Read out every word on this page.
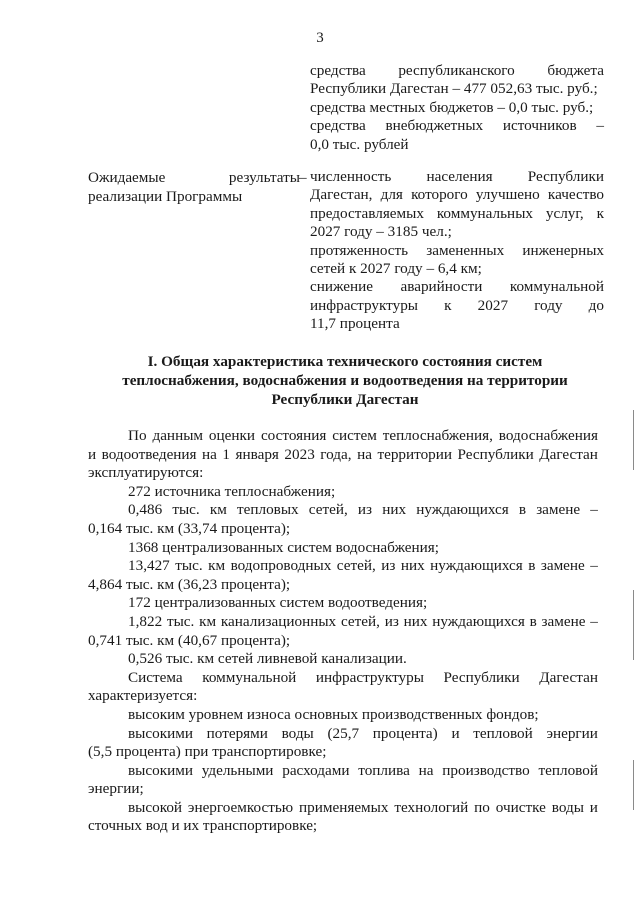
3
средства республиканского бюджета
Республики Дагестан – 477 052,63 тыс. руб.;
средства местных бюджетов – 0,0 тыс. руб.;
средства внебюджетных источников –
0,0 тыс. рублей
Ожидаемые	результаты
реализации Программы
– численность населения Республики
Дагестан, для которого улучшено качество
предоставляемых коммунальных услуг, к
2027 году – 3185 чел.;
протяженность замененных инженерных
сетей к 2027 году – 6,4 км;
снижение аварийности коммунальной
инфраструктуры к 2027 году до
11,7 процента
I. Общая характеристика технического состояния систем
теплоснабжения, водоснабжения и водоотведения на территории
Республики Дагестан
По данным оценки состояния систем теплоснабжения, водоснабжения
и водоотведения на 1 января 2023 года, на территории Республики Дагестан
эксплуатируются:
272 источника теплоснабжения;
0,486 тыс. км тепловых сетей, из них нуждающихся в замене –
0,164 тыс. км (33,74 процента);
1368 централизованных систем водоснабжения;
13,427 тыс. км водопроводных сетей, из них нуждающихся в замене –
4,864 тыс. км (36,23 процента);
172 централизованных систем водоотведения;
1,822 тыс. км канализационных сетей, из них нуждающихся в замене –
0,741 тыс. км (40,67 процента);
0,526 тыс. км сетей ливневой канализации.
Система коммунальной инфраструктуры Республики Дагестан
характеризуется:
высоким уровнем износа основных производственных фондов;
высокими потерями воды (25,7 процента) и тепловой энергии
(5,5 процента) при транспортировке;
высокими удельными расходами топлива на производство тепловой
энергии;
высокой энергоемкостью применяемых технологий по очистке воды и
сточных вод и их транспортировке;
